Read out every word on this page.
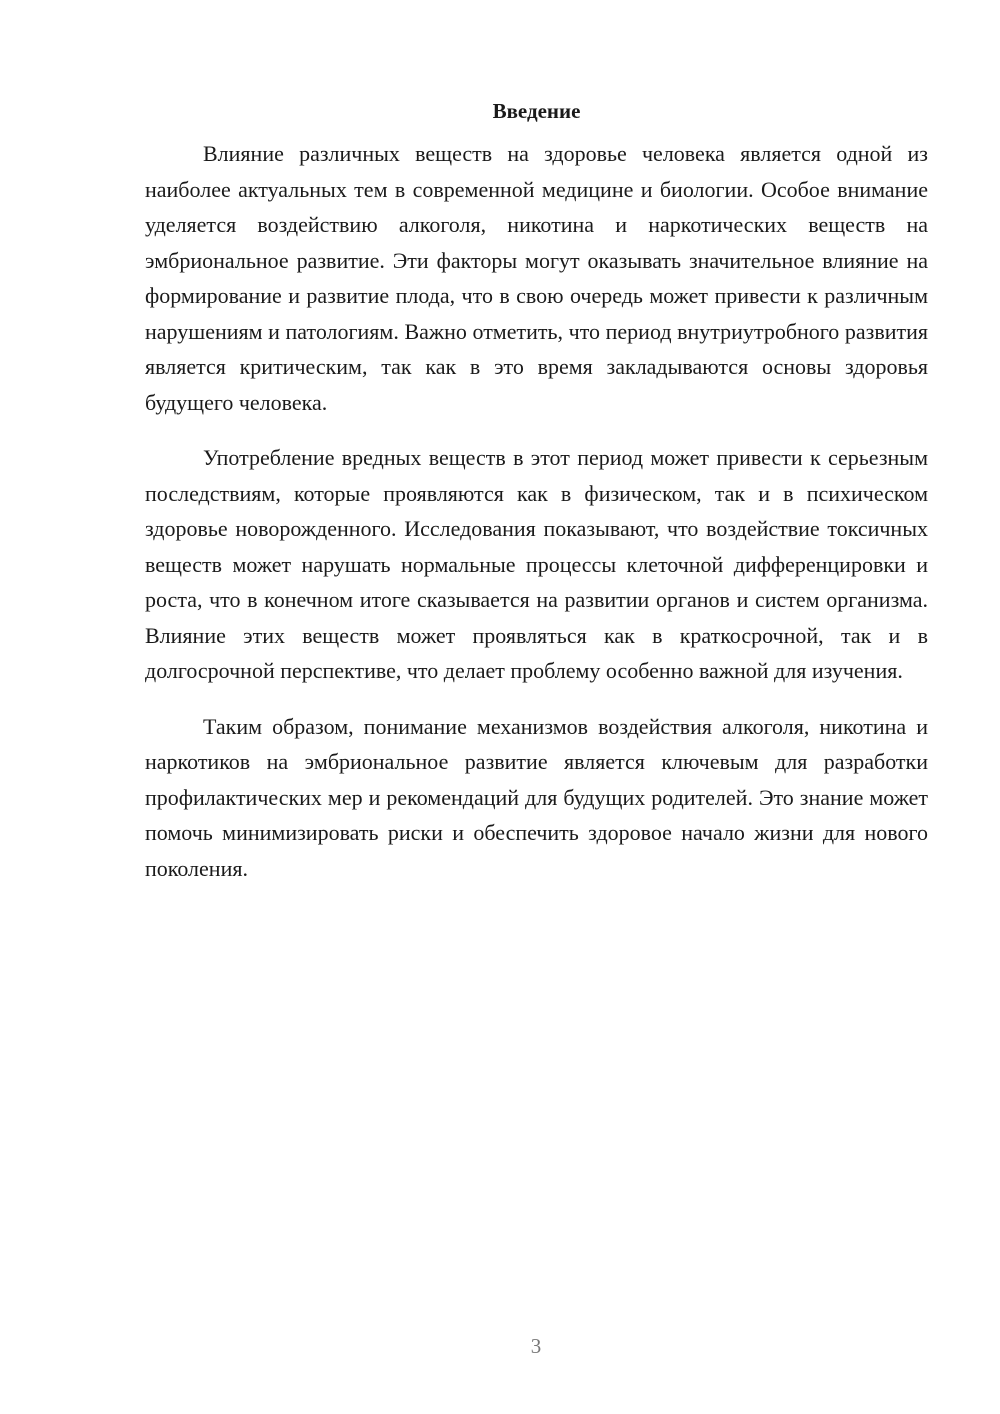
Введение

Влияние различных веществ на здоровье человека является одной из наиболее актуальных тем в современной медицине и биологии. Особое внимание уделяется воздействию алкоголя, никотина и наркотических веществ на эмбриональное развитие. Эти факторы могут оказывать значительное влияние на формирование и развитие плода, что в свою очередь может привести к различным нарушениям и патологиям. Важно отметить, что период внутриутробного развития является критическим, так как в это время закладываются основы здоровья будущего человека.

Употребление вредных веществ в этот период может привести к серьезным последствиям, которые проявляются как в физическом, так и в психическом здоровье новорожденного. Исследования показывают, что воздействие токсичных веществ может нарушать нормальные процессы клеточной дифференцировки и роста, что в конечном итоге сказывается на развитии органов и систем организма. Влияние этих веществ может проявляться как в краткосрочной, так и в долгосрочной перспективе, что делает проблему особенно важной для изучения.

Таким образом, понимание механизмов воздействия алкоголя, никотина и наркотиков на эмбриональное развитие является ключевым для разработки профилактических мер и рекомендаций для будущих родителей. Это знание может помочь минимизировать риски и обеспечить здоровое начало жизни для нового поколения.

3
